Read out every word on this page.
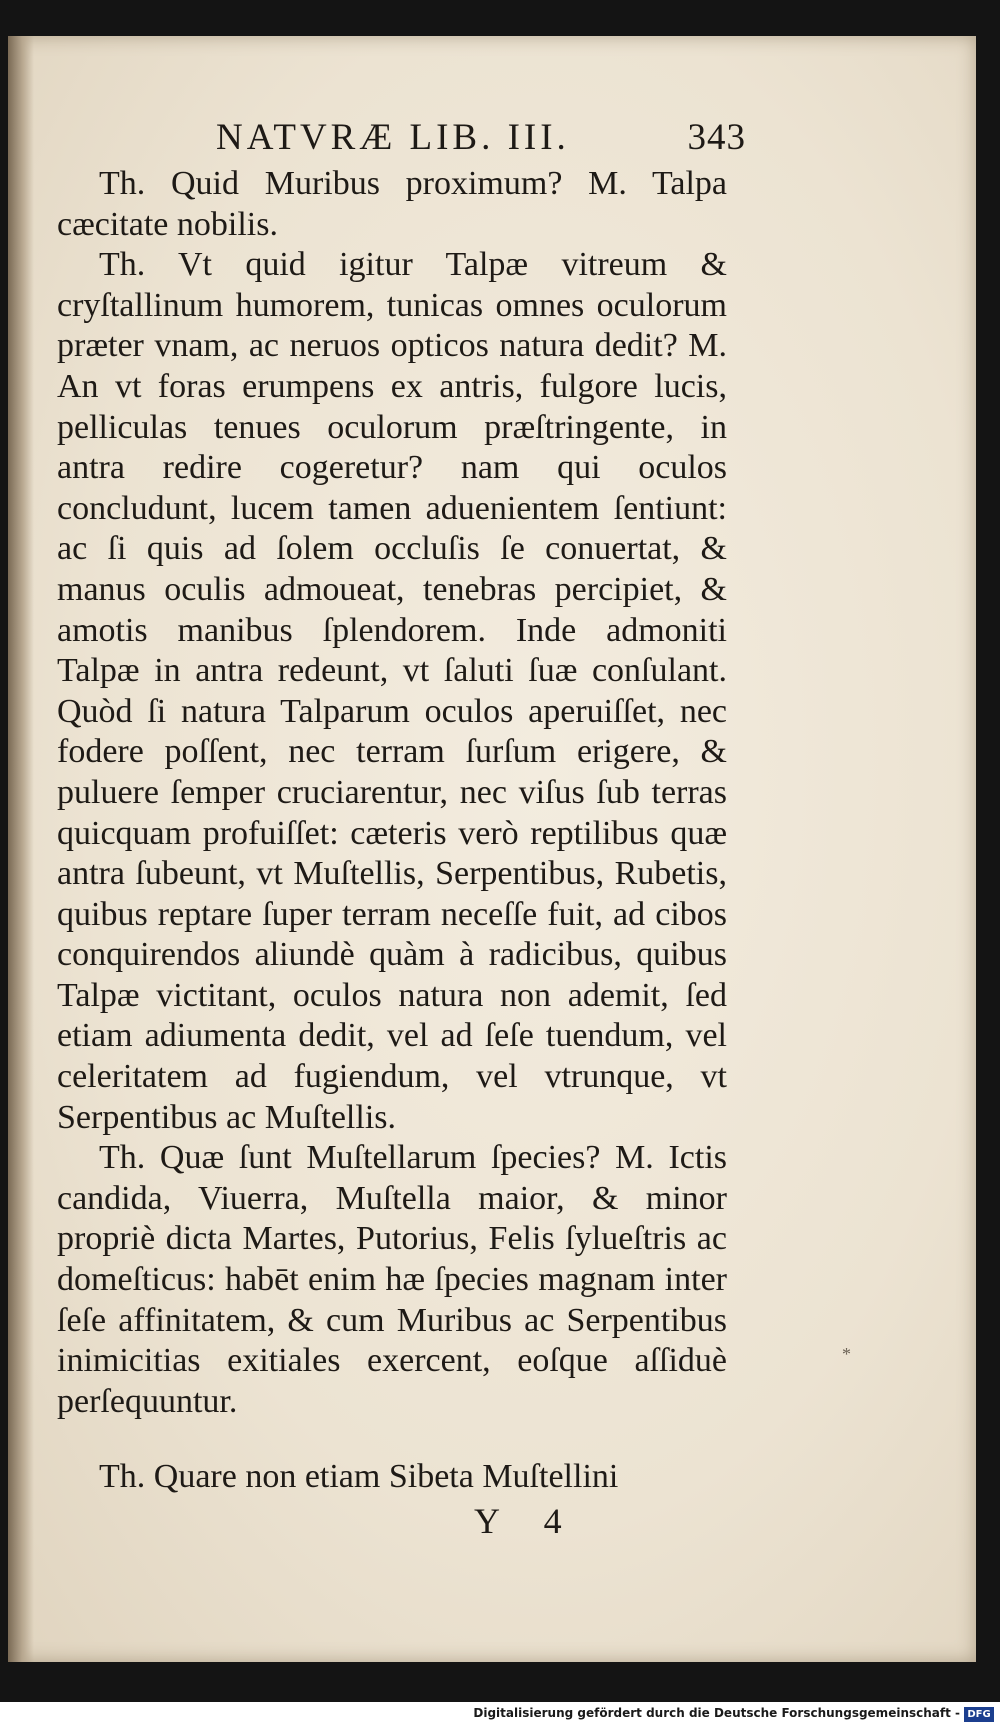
NATVRÆ LIB. III.	343

Th. Quid Muribus proximum? M. Talpa cæcitate nobilis.

Th. Vt quid igitur Talpæ vitreum & cryſtallinum humorem, tunicas omnes oculorum præter vnam, ac neruos opticos natura dedit? M. An vt foras erumpens ex antris, fulgore lucis, pelliculas tenues oculorum præſtringente, in antra redire cogeretur? nam qui oculos concludunt, lucem tamen aduenientem ſentiunt: ac ſi quis ad ſolem occluſis ſe conuertat, & manus oculis admoueat, tenebras percipiet, & amotis manibus ſplendorem. Inde admoniti Talpæ in antra redeunt, vt ſaluti ſuæ conſulant. Quòd ſi natura Talparum oculos aperuiſſet, nec fodere poſſent, nec terram ſurſum erigere, & puluere ſemper cruciarentur, nec viſus ſub terras quicquam profuiſſet: cæteris verò reptilibus quæ antra ſubeunt, vt Muſtellis, Serpentibus, Rubetis, quibus reptare ſuper terram neceſſe fuit, ad cibos conquirendos aliundè quàm à radicibus, quibus Talpæ victitant, oculos natura non ademit, ſed etiam adiumenta dedit, vel ad ſeſe tuendum, vel celeritatem ad fugiendum, vel vtrunque, vt Serpentibus ac Muſtellis.

Th. Quæ ſunt Muſtellarum ſpecies? M. Ictis candida, Viuerra, Muſtella maior, & minor propriè dicta Martes, Putorius, Felis ſylueſtris ac domeſticus: habēt enim hæ ſpecies magnam inter ſeſe affinitatem, & cum Muribus ac Serpentibus inimicitias exitiales exercent, eoſque aſſiduè perſequuntur.

Th. Quare non etiam Sibeta Muſtellini
Y 4
*
Digitalisierung gefördert durch die Deutsche Forschungsgemeinschaft - DFG
